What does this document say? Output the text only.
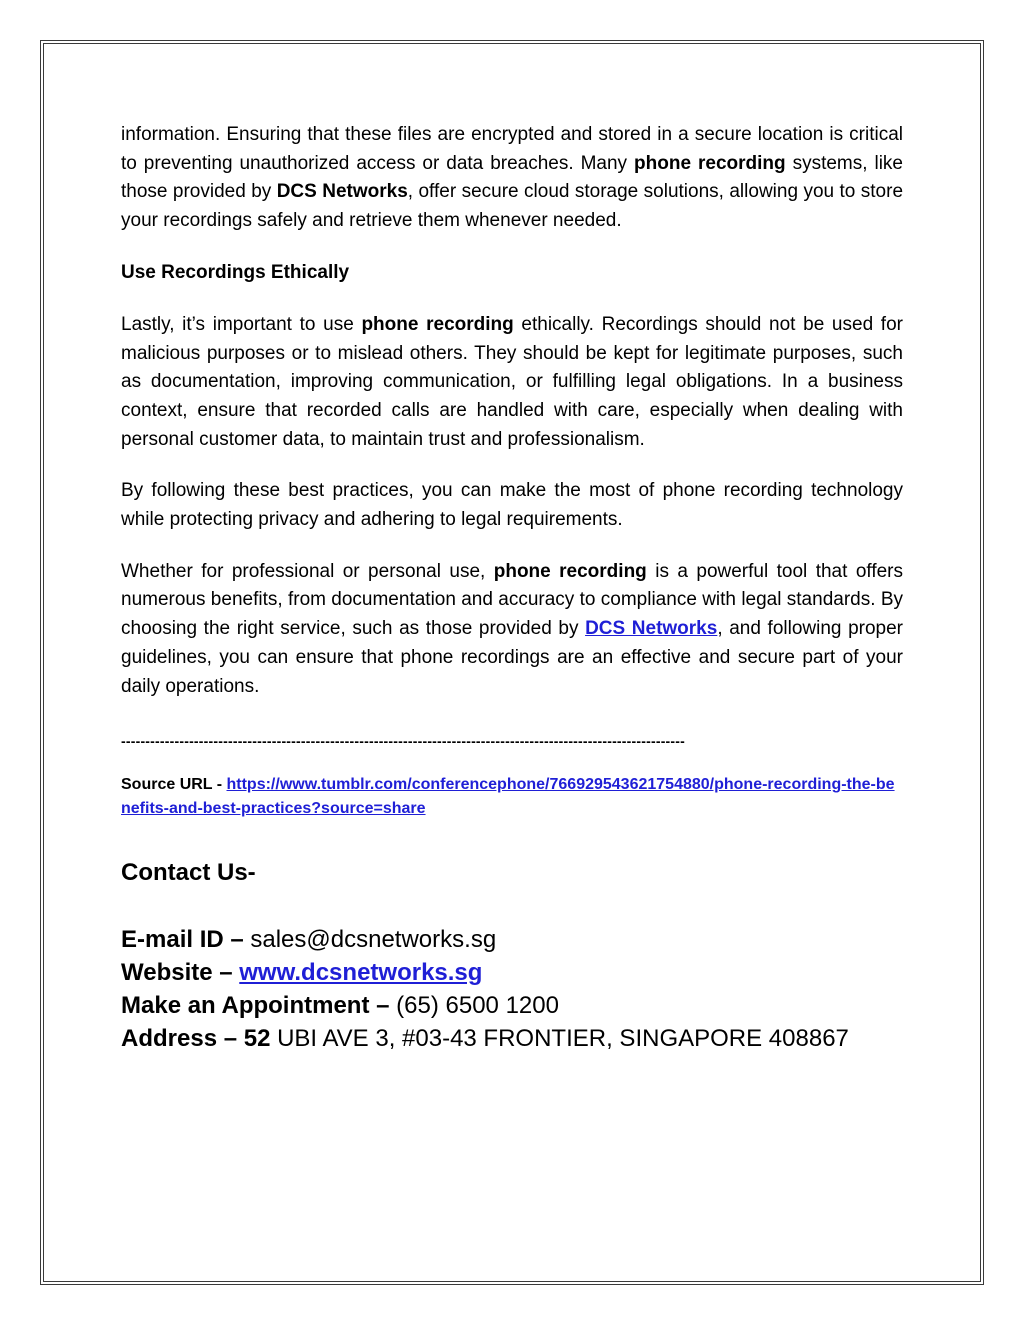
information. Ensuring that these files are encrypted and stored in a secure location is critical to preventing unauthorized access or data breaches. Many phone recording systems, like those provided by DCS Networks, offer secure cloud storage solutions, allowing you to store your recordings safely and retrieve them whenever needed.

Use Recordings Ethically

Lastly, it’s important to use phone recording ethically. Recordings should not be used for malicious purposes or to mislead others. They should be kept for legitimate purposes, such as documentation, improving communication, or fulfilling legal obligations. In a business context, ensure that recorded calls are handled with care, especially when dealing with personal customer data, to maintain trust and professionalism.

By following these best practices, you can make the most of phone recording technology while protecting privacy and adhering to legal requirements.

Whether for professional or personal use, phone recording is a powerful tool that offers numerous benefits, from documentation and accuracy to compliance with legal standards. By choosing the right service, such as those provided by DCS Networks, and following proper guidelines, you can ensure that phone recordings are an effective and secure part of your daily operations.

--------------------------------------------------------------------------------------------------------------------
Source URL - https://www.tumblr.com/conferencephone/766929543621754880/phone-recording-the-benefits-and-best-practices?source=share

Contact Us-

E-mail ID – sales@dcsnetworks.sg
Website – www.dcsnetworks.sg
Make an Appointment – (65) 6500 1200
Address – 52 UBI AVE 3, #03-43 FRONTIER, SINGAPORE 408867
